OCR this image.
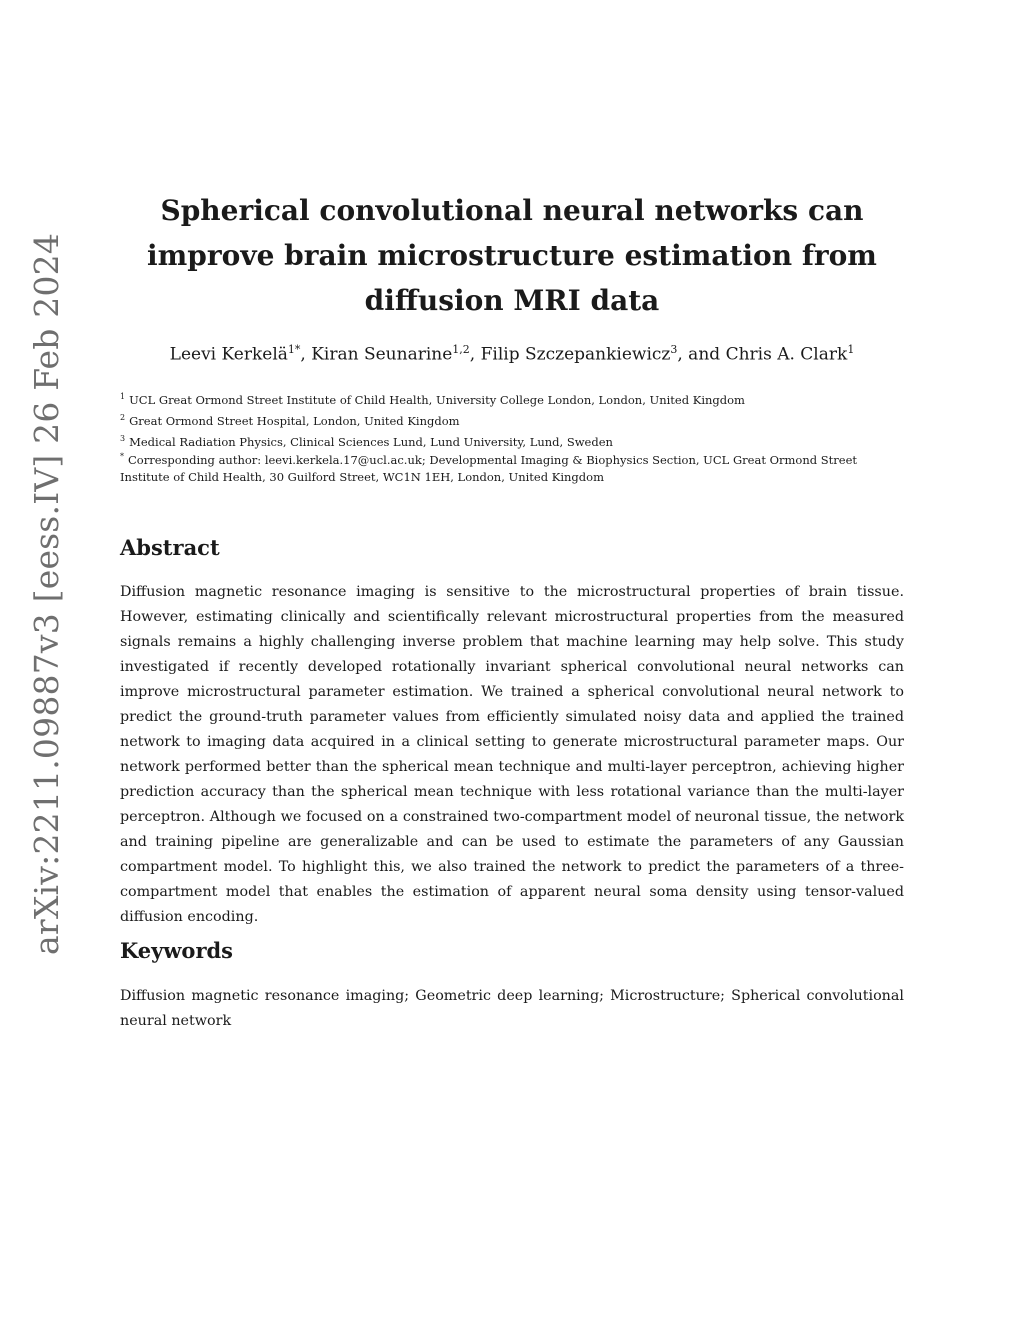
arXiv:2211.09887v3 [eess.IV] 26 Feb 2024
Spherical convolutional neural networks can improve brain microstructure estimation from diffusion MRI data

Leevi Kerkelä$^{1*}$, Kiran Seunarine$^{1,2}$, Filip Szczepankiewicz$^3$, and Chris A. Clark$^1$

$^1$ UCL Great Ormond Street Institute of Child Health, University College London, London, United Kingdom
$^2$ Great Ormond Street Hospital, London, United Kingdom
$^3$ Medical Radiation Physics, Clinical Sciences Lund, Lund University, Lund, Sweden

* Corresponding author: leevi.kerkela.17@ucl.ac.uk; Developmental Imaging & Biophysics Section, UCL Great Ormond Street Institute of Child Health, 30 Guilford Street, WC1N 1EH, London, United Kingdom

Abstract

Diffusion magnetic resonance imaging is sensitive to the microstructural properties of brain tissue. However, estimating clinically and scientifically relevant microstructural properties from the measured signals remains a highly challenging inverse problem that machine learning may help solve. This study investigated if recently developed rotationally invariant spherical convolutional neural networks can improve microstructural parameter estimation. We trained a spherical convolutional neural network to predict the ground-truth parameter values from efficiently simulated noisy data and applied the trained network to imaging data acquired in a clinical setting to generate microstructural parameter maps. Our network performed better than the spherical mean technique and multi-layer perceptron, achieving higher prediction accuracy than the spherical mean technique with less rotational variance than the multi-layer perceptron. Although we focused on a constrained two-compartment model of neuronal tissue, the network and training pipeline are generalizable and can be used to estimate the parameters of any Gaussian compartment model. To highlight this, we also trained the network to predict the parameters of a three-compartment model that enables the estimation of apparent neural soma density using tensor-valued diffusion encoding.

Keywords

Diffusion magnetic resonance imaging; Geometric deep learning; Microstructure; Spherical convolutional neural network
